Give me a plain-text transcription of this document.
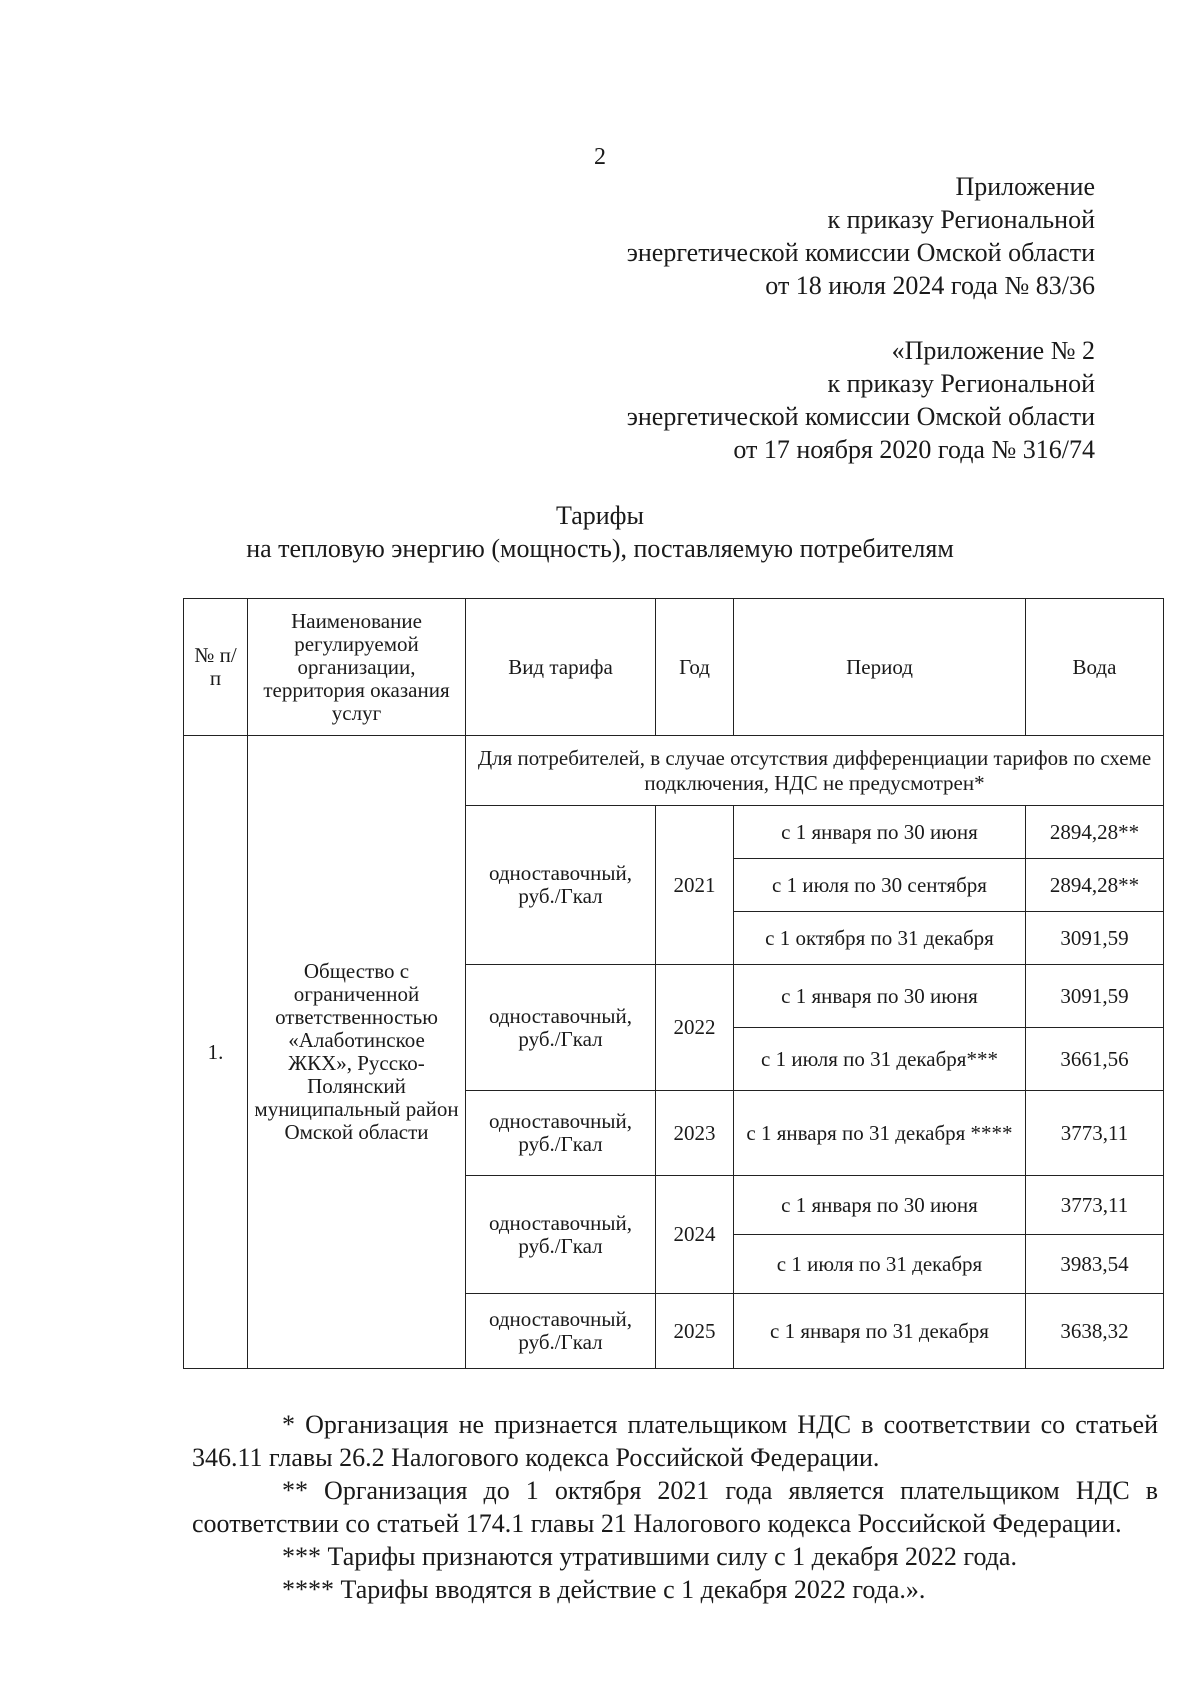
2
Приложение
к приказу Региональной
энергетической комиссии Омской области
от 18 июля 2024 года № 83/36
«Приложение № 2
к приказу Региональной
энергетической комиссии Омской области
от 17 ноября 2020 года № 316/74
Тарифы
на тепловую энергию (мощность), поставляемую потребителям
№ п/п	Наименование регулируемой организации, территория оказания услуг	Вид тарифа	Год	Период	Вода
1.	Общество с ограниченной ответственностью «Алаботинское ЖКХ», Русско-Полянский муниципальный район Омской области	Для потребителей, в случае отсутствия дифференциации тарифов по схеме подключения, НДС не предусмотрен*			
		одноставочный, руб./Гкал	2021	с 1 января по 30 июня	2894,28**
				с 1 июля по 30 сентября	2894,28**
				с 1 октября по 31 декабря	3091,59
		одноставочный, руб./Гкал	2022	с 1 января по 30 июня	3091,59
				с 1 июля по 31 декабря***	3661,56
		одноставочный, руб./Гкал	2023	с 1 января по 31 декабря ****	3773,11
		одноставочный, руб./Гкал	2024	с 1 января по 30 июня	3773,11
				с 1 июля по 31 декабря	3983,54
		одноставочный, руб./Гкал	2025	с 1 января по 31 декабря	3638,32

* Организация не признается плательщиком НДС в соответствии со статьей 346.11 главы 26.2 Налогового кодекса Российской Федерации.

** Организация до 1 октября 2021 года является плательщиком НДС в соответствии со статьей 174.1 главы 21 Налогового кодекса Российской Федерации.

*** Тарифы признаются утратившими силу с 1 декабря 2022 года.

**** Тарифы вводятся в действие с 1 декабря 2022 года.».
